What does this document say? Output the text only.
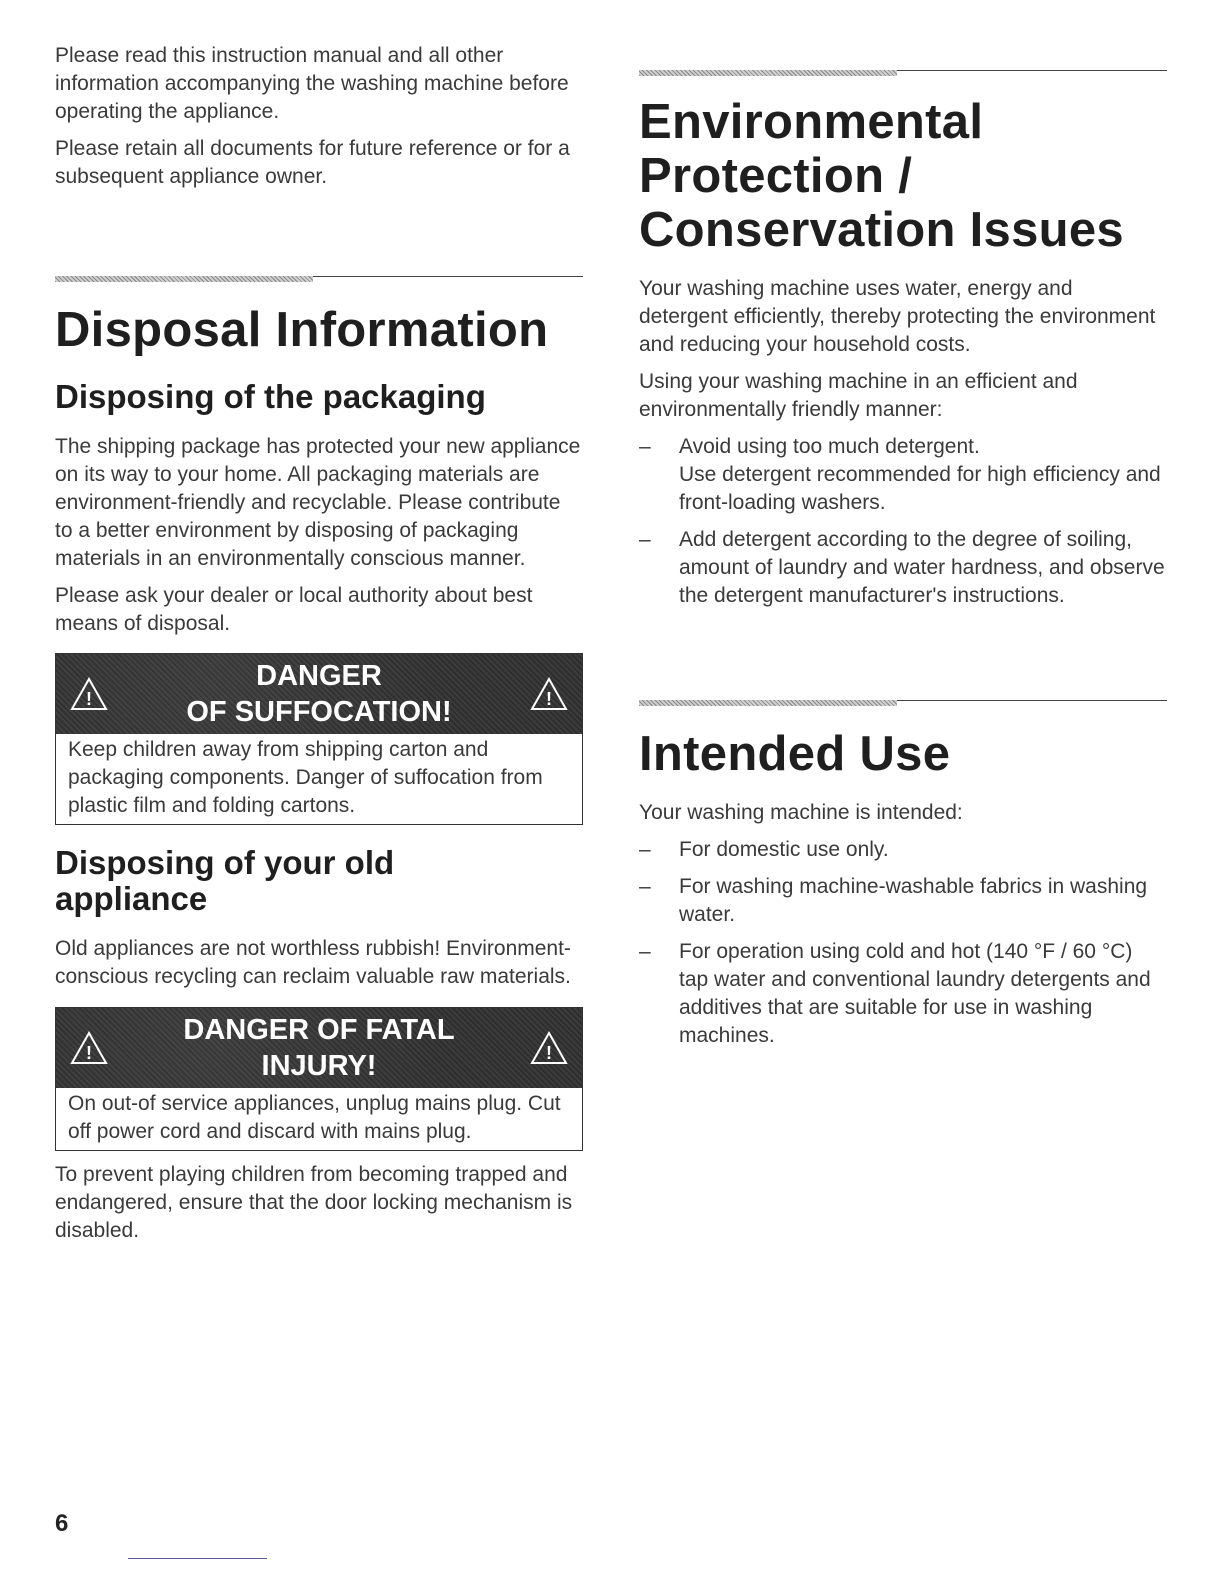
Please read this instruction manual and all other information accompanying the washing machine before operating the appliance.

Please retain all documents for future reference or for a subsequent appliance owner.

Disposal Information
Disposing of the packaging

The shipping package has protected your new appliance on its way to your home. All packaging materials are environment-friendly and recyclable. Please contribute to a better environment by disposing of packaging materials in an environmentally conscious manner.

Please ask your dealer or local authority about best means of disposal.

!
DANGER
OF SUFFOCATION!	!
Keep children away from shipping carton and packaging components. Danger of suffocation from plastic film and folding cartons.
Disposing of your old
appliance

Old appliances are not worthless rubbish! Environment-conscious recycling can reclaim valuable raw materials.

!
DANGER OF FATAL
INJURY!	!
On out-of service appliances, unplug mains plug. Cut off power cord and discard with mains plug.

To prevent playing children from becoming trapped and endangered, ensure that the door locking mechanism is disabled.

Environmental
Protection /
Conservation Issues

Your washing machine uses water, energy and detergent efficiently, thereby protecting the environment and reducing your household costs.

Using your washing machine in an efficient and environmentally friendly manner:

– Avoid using too much detergent.
Use detergent recommended for high efficiency and front-loading washers.
– Add detergent according to the degree of soiling, amount of laundry and water hardness, and observe the detergent manufacturer's instructions.
Intended Use

Your washing machine is intended:

– For domestic use only.
– For washing machine-washable fabrics in washing water.
– For operation using cold and hot (140 °F / 60 °C) tap water and conventional laundry detergents and additives that are suitable for use in washing machines.
6
